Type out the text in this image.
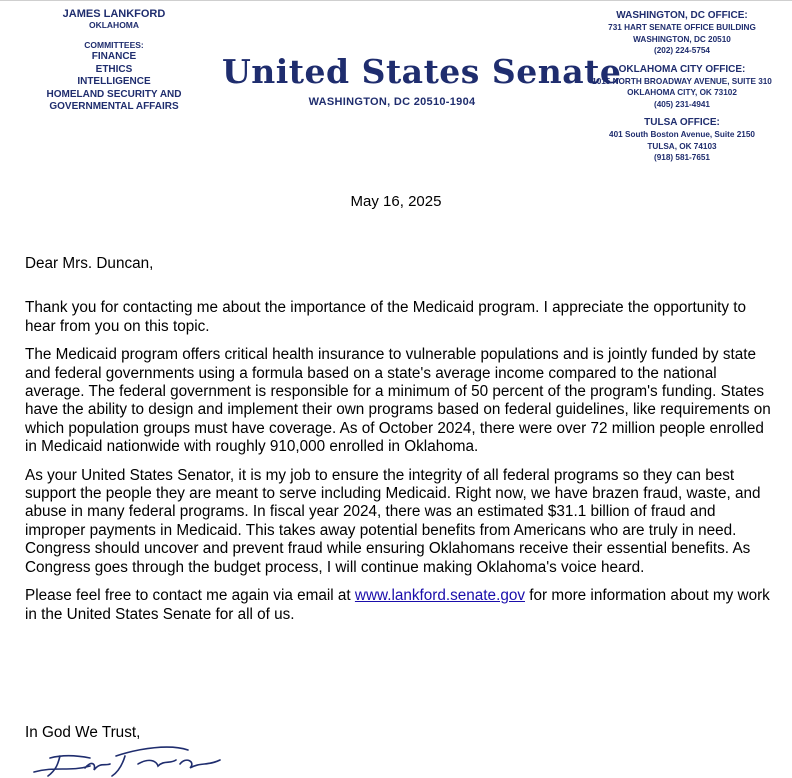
JAMES LANKFORD
OKLAHOMA
COMMITTEES:
FINANCE
ETHICS
INTELLIGENCE
HOMELAND SECURITY AND
GOVERNMENTAL AFFAIRS
United States Senate
WASHINGTON, DC 20510-1904
WASHINGTON, DC OFFICE:
731 HART SENATE OFFICE BUILDING
WASHINGTON, DC 20510
(202) 224-5754
OKLAHOMA CITY OFFICE:
1015 NORTH BROADWAY AVENUE, SUITE 310
OKLAHOMA CITY, OK 73102
(405) 231-4941
TULSA OFFICE:
401 South Boston Avenue, Suite 2150
TULSA, OK 74103
(918) 581-7651
May 16, 2025

Dear Mrs. Duncan,

Thank you for contacting me about the importance of the Medicaid program. I appreciate the opportunity to hear from you on this topic.

The Medicaid program offers critical health insurance to vulnerable populations and is jointly funded by state and federal governments using a formula based on a state's average income compared to the national average. The federal government is responsible for a minimum of 50 percent of the program's funding. States have the ability to design and implement their own programs based on federal guidelines, like requirements on which population groups must have coverage. As of October 2024, there were over 72 million people enrolled in Medicaid nationwide with roughly 910,000 enrolled in Oklahoma.

As your United States Senator, it is my job to ensure the integrity of all federal programs so they can best support the people they are meant to serve including Medicaid. Right now, we have brazen fraud, waste, and abuse in many federal programs. In fiscal year 2024, there was an estimated $31.1 billion of fraud and improper payments in Medicaid. This takes away potential benefits from Americans who are truly in need. Congress should uncover and prevent fraud while ensuring Oklahomans receive their essential benefits. As Congress goes through the budget process, I will continue making Oklahoma's voice heard.

Please feel free to contact me again via email at www.lankford.senate.gov for more information about my work in the United States Senate for all of us.

In God We Trust,
